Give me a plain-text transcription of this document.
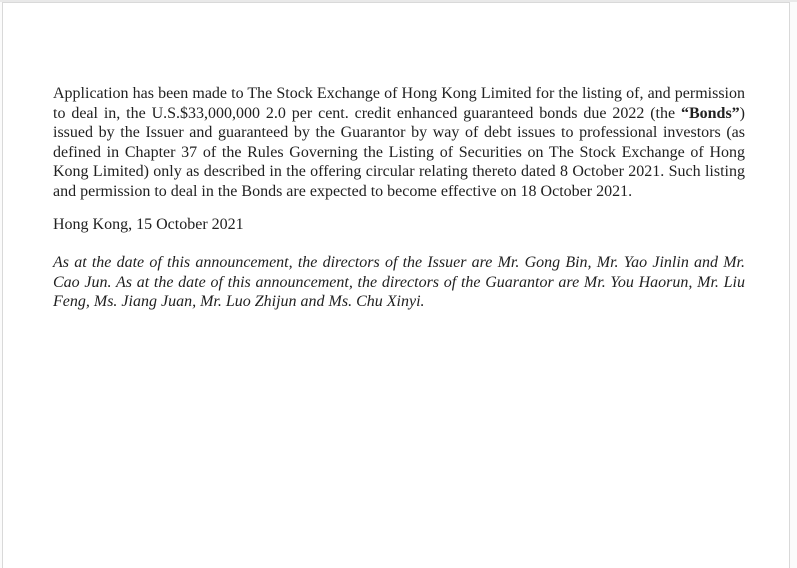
Application has been made to The Stock Exchange of Hong Kong Limited for the listing of, and permission to deal in, the U.S.$33,000,000 2.0 per cent. credit enhanced guaranteed bonds due 2022 (the “Bonds”) issued by the Issuer and guaranteed by the Guarantor by way of debt issues to professional investors (as defined in Chapter 37 of the Rules Governing the Listing of Securities on The Stock Exchange of Hong Kong Limited) only as described in the offering circular relating thereto dated 8 October 2021. Such listing and permission to deal in the Bonds are expected to become effective on 18 October 2021.

Hong Kong, 15 October 2021

As at the date of this announcement, the directors of the Issuer are Mr. Gong Bin, Mr. Yao Jinlin and Mr. Cao Jun. As at the date of this announcement, the directors of the Guarantor are Mr. You Haorun, Mr. Liu Feng, Ms. Jiang Juan, Mr. Luo Zhijun and Ms. Chu Xinyi.
